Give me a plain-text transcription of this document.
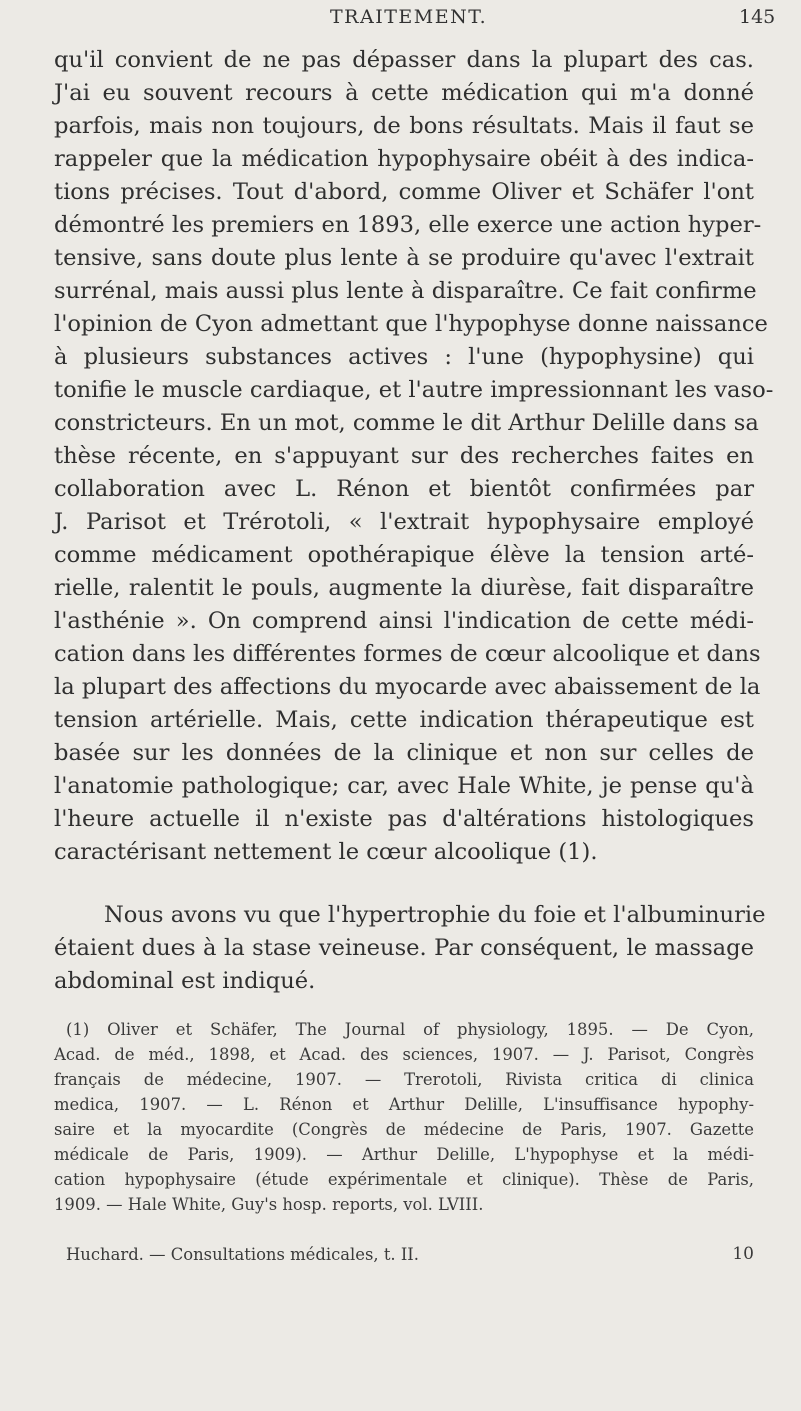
TRAITEMENT.	145
qu'il convient de ne pas dépasser dans la plupart des cas.
J'ai eu souvent recours à cette médication qui m'a donné
parfois, mais non toujours, de bons résultats. Mais il faut se
rappeler que la médication hypophysaire obéit à des indica-
tions précises. Tout d'abord, comme Oliver et Schäfer l'ont
démontré les premiers en 1893, elle exerce une action hyper-
tensive, sans doute plus lente à se produire qu'avec l'extrait
surrénal, mais aussi plus lente à disparaître. Ce fait confirme
l'opinion de Cyon admettant que l'hypophyse donne naissance
à plusieurs substances actives : l'une (hypophysine) qui
tonifie le muscle cardiaque, et l'autre impressionnant les vaso-
constricteurs. En un mot, comme le dit Arthur Delille dans sa
thèse récente, en s'appuyant sur des recherches faites en
collaboration avec L. Rénon et bientôt confirmées par
J. Parisot et Trérotoli, « l'extrait hypophysaire employé
comme médicament opothérapique élève la tension arté-
rielle, ralentit le pouls, augmente la diurèse, fait disparaître
l'asthénie ». On comprend ainsi l'indication de cette médi-
cation dans les différentes formes de cœur alcoolique et dans
la plupart des affections du myocarde avec abaissement de la
tension artérielle. Mais, cette indication thérapeutique est
basée sur les données de la clinique et non sur celles de
l'anatomie pathologique; car, avec Hale White, je pense qu'à
l'heure actuelle il n'existe pas d'altérations histologiques
caractérisant nettement le cœur alcoolique (1).
Nous avons vu que l'hypertrophie du foie et l'albuminurie
étaient dues à la stase veineuse. Par conséquent, le massage
abdominal est indiqué.
(1) Oliver et Schäfer, The Journal of physiology, 1895. — De Cyon,
Acad. de méd., 1898, et Acad. des sciences, 1907. — J. Parisot, Congrès
français de médecine, 1907. — Trerotoli, Rivista critica di clinica
medica, 1907. — L. Rénon et Arthur Delille, L'insuffisance hypophy-
saire et la myocardite (Congrès de médecine de Paris, 1907. Gazette
médicale de Paris, 1909). — Arthur Delille, L'hypophyse et la médi-
cation hypophysaire (étude expérimentale et clinique). Thèse de Paris,
1909. — Hale White, Guy's hosp. reports, vol. LVIII.
Huchard. — Consultations médicales, t. II.	10
